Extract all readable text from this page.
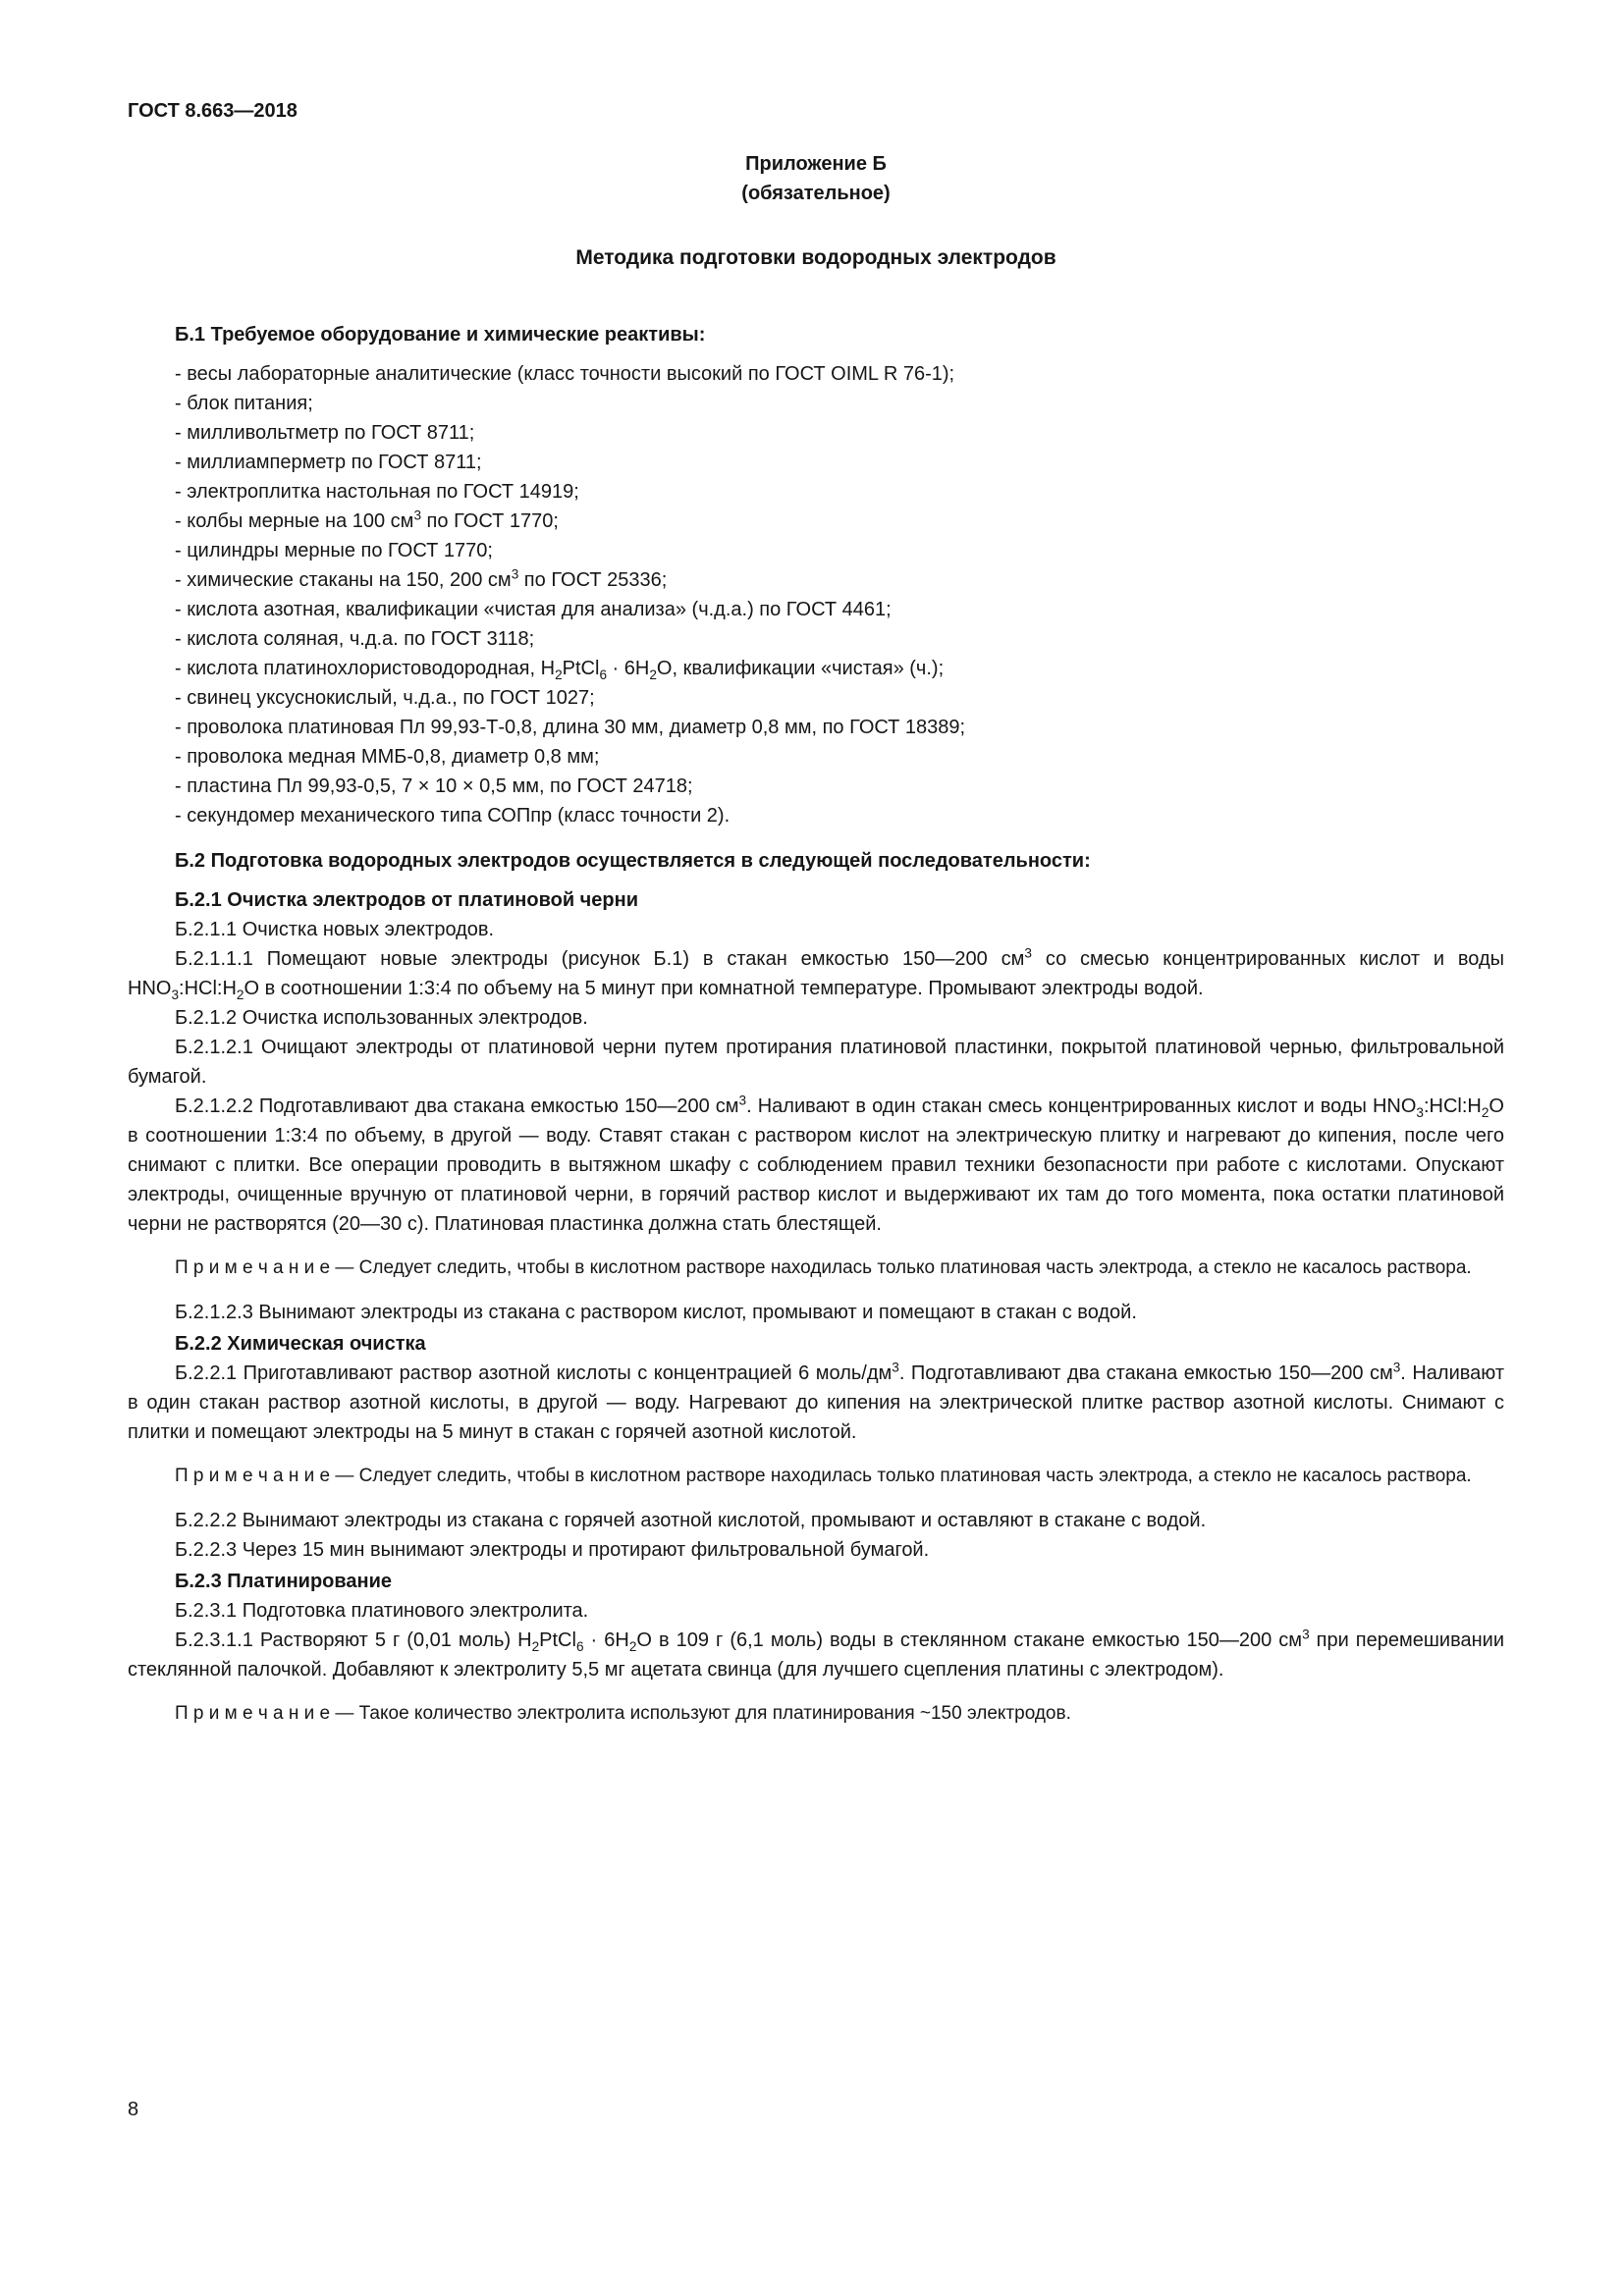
ГОСТ 8.663—2018
Приложение Б
(обязательное)
Методика подготовки водородных электродов
Б.1 Требуемое оборудование и химические реактивы:
- весы лабораторные аналитические (класс точности высокий по ГОСТ OIML R 76-1);
- блок питания;
- милливольтметр по ГОСТ 8711;
- миллиамперметр по ГОСТ 8711;
- электроплитка настольная по ГОСТ 14919;
- колбы мерные на 100 $см^3$ по ГОСТ 1770;
- цилиндры мерные по ГОСТ 1770;
- химические стаканы на 150, 200 $см^3$ по ГОСТ 25336;
- кислота азотная, квалификации «чистая для анализа» (ч.д.а.) по ГОСТ 4461;
- кислота соляная, ч.д.а. по ГОСТ 3118;
- кислота платинохлористоводородная, $H_2PtCl_6 \cdot 6H_2O$, квалификации «чистая» (ч.);
- свинец уксуснокислый, ч.д.а., по ГОСТ 1027;
- проволока платиновая Пл 99,93-Т-0,8, длина 30 мм, диаметр 0,8 мм, по ГОСТ 18389;
- проволока медная ММБ-0,8, диаметр 0,8 мм;
- пластина Пл 99,93-0,5, 7 × 10 × 0,5 мм, по ГОСТ 24718;
- секундомер механического типа СОПпр (класс точности 2).
Б.2 Подготовка водородных электродов осуществляется в следующей последовательности:
Б.2.1 Очистка электродов от платиновой черни

Б.2.1.1 Очистка новых электродов.

Б.2.1.1.1 Помещают новые электроды (рисунок Б.1) в стакан емкостью 150—200 $см^3$ со смесью концентрированных кислот и воды $HNO_3:HCl:H_2O$ в соотношении 1:3:4 по объему на 5 минут при комнатной температуре. Промывают электроды водой.

Б.2.1.2 Очистка использованных электродов.

Б.2.1.2.1 Очищают электроды от платиновой черни путем протирания платиновой пластинки, покрытой платиновой чернью, фильтровальной бумагой.

Б.2.1.2.2 Подготавливают два стакана емкостью 150—200 $см^3$. Наливают в один стакан смесь концентрированных кислот и воды $HNO_3:HCl:H_2O$ в соотношении 1:3:4 по объему, в другой — воду. Ставят стакан с раствором кислот на электрическую плитку и нагревают до кипения, после чего снимают с плитки. Все операции проводить в вытяжном шкафу с соблюдением правил техники безопасности при работе с кислотами. Опускают электроды, очищенные вручную от платиновой черни, в горячий раствор кислот и выдерживают их там до того момента, пока остатки платиновой черни не растворятся (20—30 с). Платиновая пластинка должна стать блестящей.

П р и м е ч а н и е — Следует следить, чтобы в кислотном растворе находилась только платиновая часть электрода, а стекло не касалось раствора.

Б.2.1.2.3 Вынимают электроды из стакана с раствором кислот, промывают и помещают в стакан с водой.

Б.2.2 Химическая очистка

Б.2.2.1 Приготавливают раствор азотной кислоты с концентрацией 6 моль/$дм^3$. Подготавливают два стакана емкостью 150—200 $см^3$. Наливают в один стакан раствор азотной кислоты, в другой — воду. Нагревают до кипения на электрической плитке раствор азотной кислоты. Снимают с плитки и помещают электроды на 5 минут в стакан с горячей азотной кислотой.

П р и м е ч а н и е — Следует следить, чтобы в кислотном растворе находилась только платиновая часть электрода, а стекло не касалось раствора.

Б.2.2.2 Вынимают электроды из стакана с горячей азотной кислотой, промывают и оставляют в стакане с водой.

Б.2.2.3 Через 15 мин вынимают электроды и протирают фильтровальной бумагой.

Б.2.3 Платинирование

Б.2.3.1 Подготовка платинового электролита.

Б.2.3.1.1 Растворяют 5 г (0,01 моль) $H_2PtCl_6 \cdot 6H_2O$ в 109 г (6,1 моль) воды в стеклянном стакане емкостью 150—200 $см^3$ при перемешивании стеклянной палочкой. Добавляют к электролиту 5,5 мг ацетата свинца (для лучшего сцепления платины с электродом).

П р и м е ч а н и е — Такое количество электролита используют для платинирования ~150 электродов.
8
